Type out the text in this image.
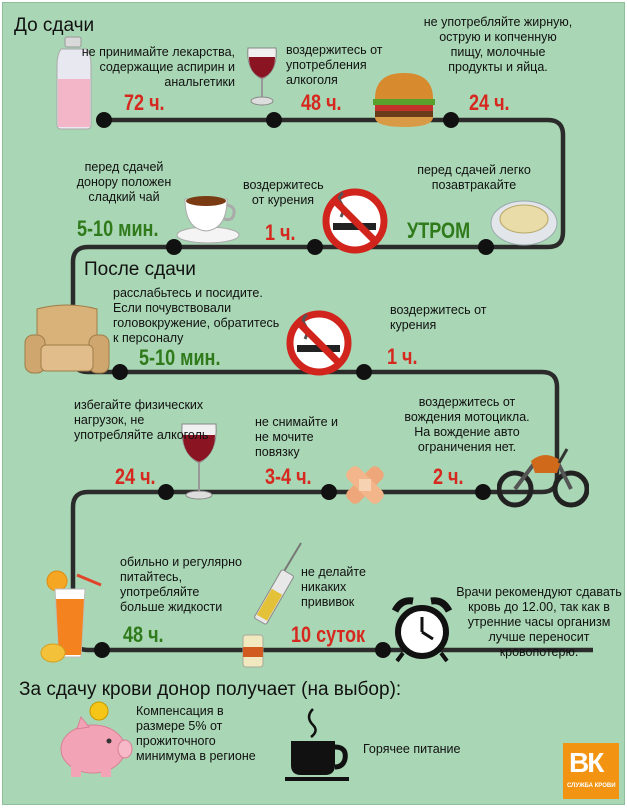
До сдачи
После сдачи
За сдачу крови донор получает (на выбор):
не принимайте лекарства, содержащие аспирин и анальгетики
72 ч.
воздержитесь от употребления алкоголя
48 ч.
не употребляйте жирную, острую и копченную пищу, молочные продукты и яйца.
24 ч.
перед сдачей легко позавтракайте
УТРОМ
воздержитесь от курения
1 ч.
перед сдачей донору положен сладкий чай
5-10 мин.
расслабьтесь и посидите. Если почувствовали головокружение, обратитесь к персоналу
5-10 мин.
воздержитесь от курения
1 ч.
воздержитесь от вождения мотоцикла. На вождение авто ограничения нет.
2 ч.
не снимайте и не мочите повязку
3-4 ч.
избегайте физических нагрузок, не употребляйте алкоголь
24 ч.
обильно и регулярно питайтесь, употребляйте больше жидкости
48 ч.
не делайте никаких прививок
10 суток
Врачи рекомендуют сдавать кровь до 12.00, так как в утренние часы организм лучше переносит кровопотерю.
Компенсация в размере 5% от прожиточного минимума в регионе	Горячее питание	ВК
СЛУЖБА КРОВИ
